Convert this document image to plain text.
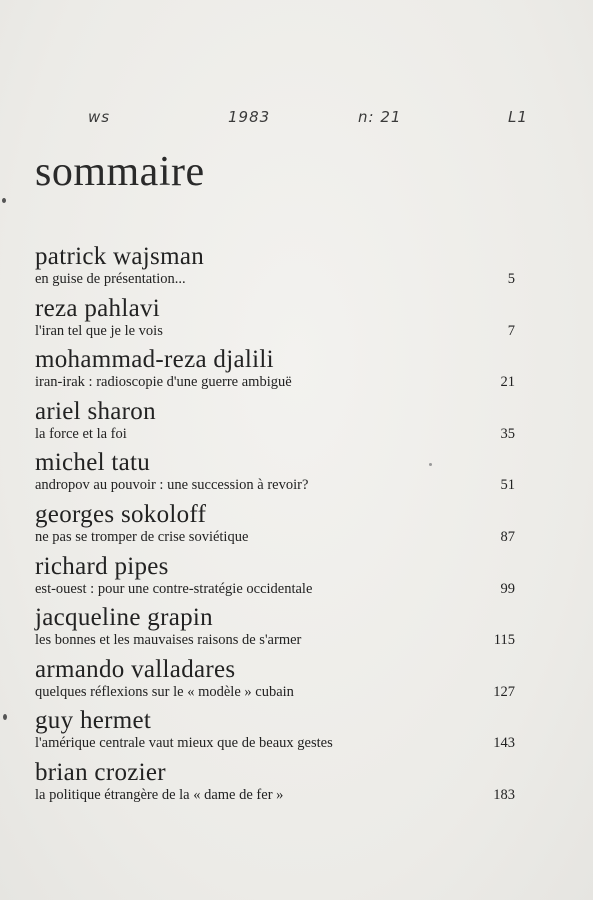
ws	1983	n: 21	L1
sommaire
patrick wajsman
en guise de présentation...	5
reza pahlavi
l'iran tel que je le vois	7
mohammad-reza djalili
iran-irak : radioscopie d'une guerre ambiguë	21
ariel sharon
la force et la foi	35
michel tatu
andropov au pouvoir : une succession à revoir?	51
georges sokoloff
ne pas se tromper de crise soviétique	87
richard pipes
est-ouest : pour une contre-stratégie occidentale	99
jacqueline grapin
les bonnes et les mauvaises raisons de s'armer	115
armando valladares
quelques réflexions sur le « modèle » cubain	127
guy hermet
l'amérique centrale vaut mieux que de beaux gestes	143
brian crozier
la politique étrangère de la « dame de fer »	183
